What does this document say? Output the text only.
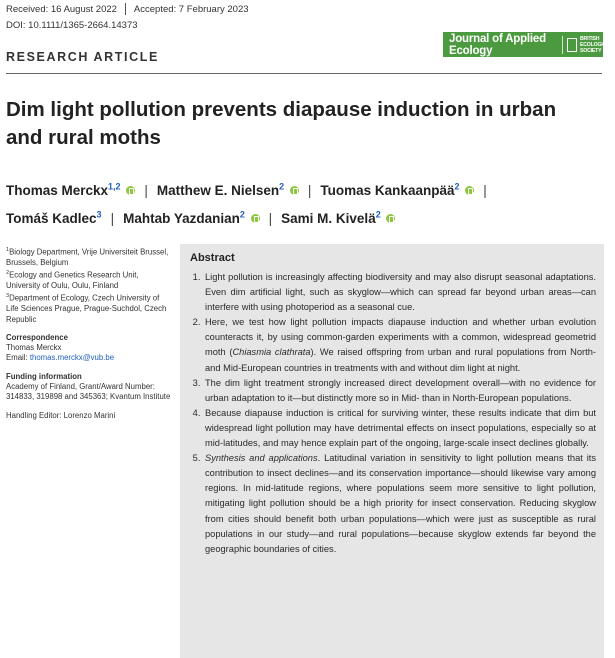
Received: 16 August 2022 Accepted: 7 February 2023
DOI: 10.1111/1365-2664.14373
Journal of Applied Ecology
BRITISH ECOLOGICAL SOCIETY
RESEARCH ARTICLE
Dim light pollution prevents diapause induction in urban and rural moths
Thomas Merckx$^{1,2}$ | Matthew E. Nielsen$^2$ | Tuomas Kankaanpää$^2$ |
Tomáš Kadlec$^3$ | Mahtab Yazdanian$^2$ | Sami M. Kivelä$^2$
$^1$Biology Department, Vrije Universiteit Brussel, Brussels, Belgium
$^2$Ecology and Genetics Research Unit, University of Oulu, Oulu, Finland
$^3$Department of Ecology, Czech University of Life Sciences Prague, Prague-Suchdol, Czech Republic
Correspondence
Thomas Merckx
Email: thomas.merckx@vub.be
Funding information
Academy of Finland, Grant/Award Number: 314833, 319898 and 345363; Kvantum Institute
Handling Editor: Lorenzo Marini
Abstract
1. Light pollution is increasingly affecting biodiversity and may also disrupt seasonal adaptations. Even dim artificial light, such as skyglow—which can spread far beyond urban areas—can interfere with using photoperiod as a seasonal cue.
2. Here, we test how light pollution impacts diapause induction and whether urban evolution counteracts it, by using common-garden experiments with a common, widespread geometrid moth (Chiasmia clathrata). We raised offspring from urban and rural populations from North- and Mid-European countries in treatments with and without dim light at night.
3. The dim light treatment strongly increased direct development overall—with no evidence for urban adaptation to it—but distinctly more so in Mid- than in North-European populations.
4. Because diapause induction is critical for surviving winter, these results indicate that dim but widespread light pollution may have detrimental effects on insect populations, especially so at mid-latitudes, and may hence explain part of the ongoing, large-scale insect declines globally.
5. Synthesis and applications. Latitudinal variation in sensitivity to light pollution means that its contribution to insect declines—and its conservation importance—should likewise vary among regions. In mid-latitude regions, where populations seem more sensitive to light pollution, mitigating light pollution should be a high priority for insect conservation. Reducing skyglow from cities should benefit both urban populations—which were just as susceptible as rural populations in our study—and rural populations—because skyglow extends far beyond the geographic boundaries of cities.
